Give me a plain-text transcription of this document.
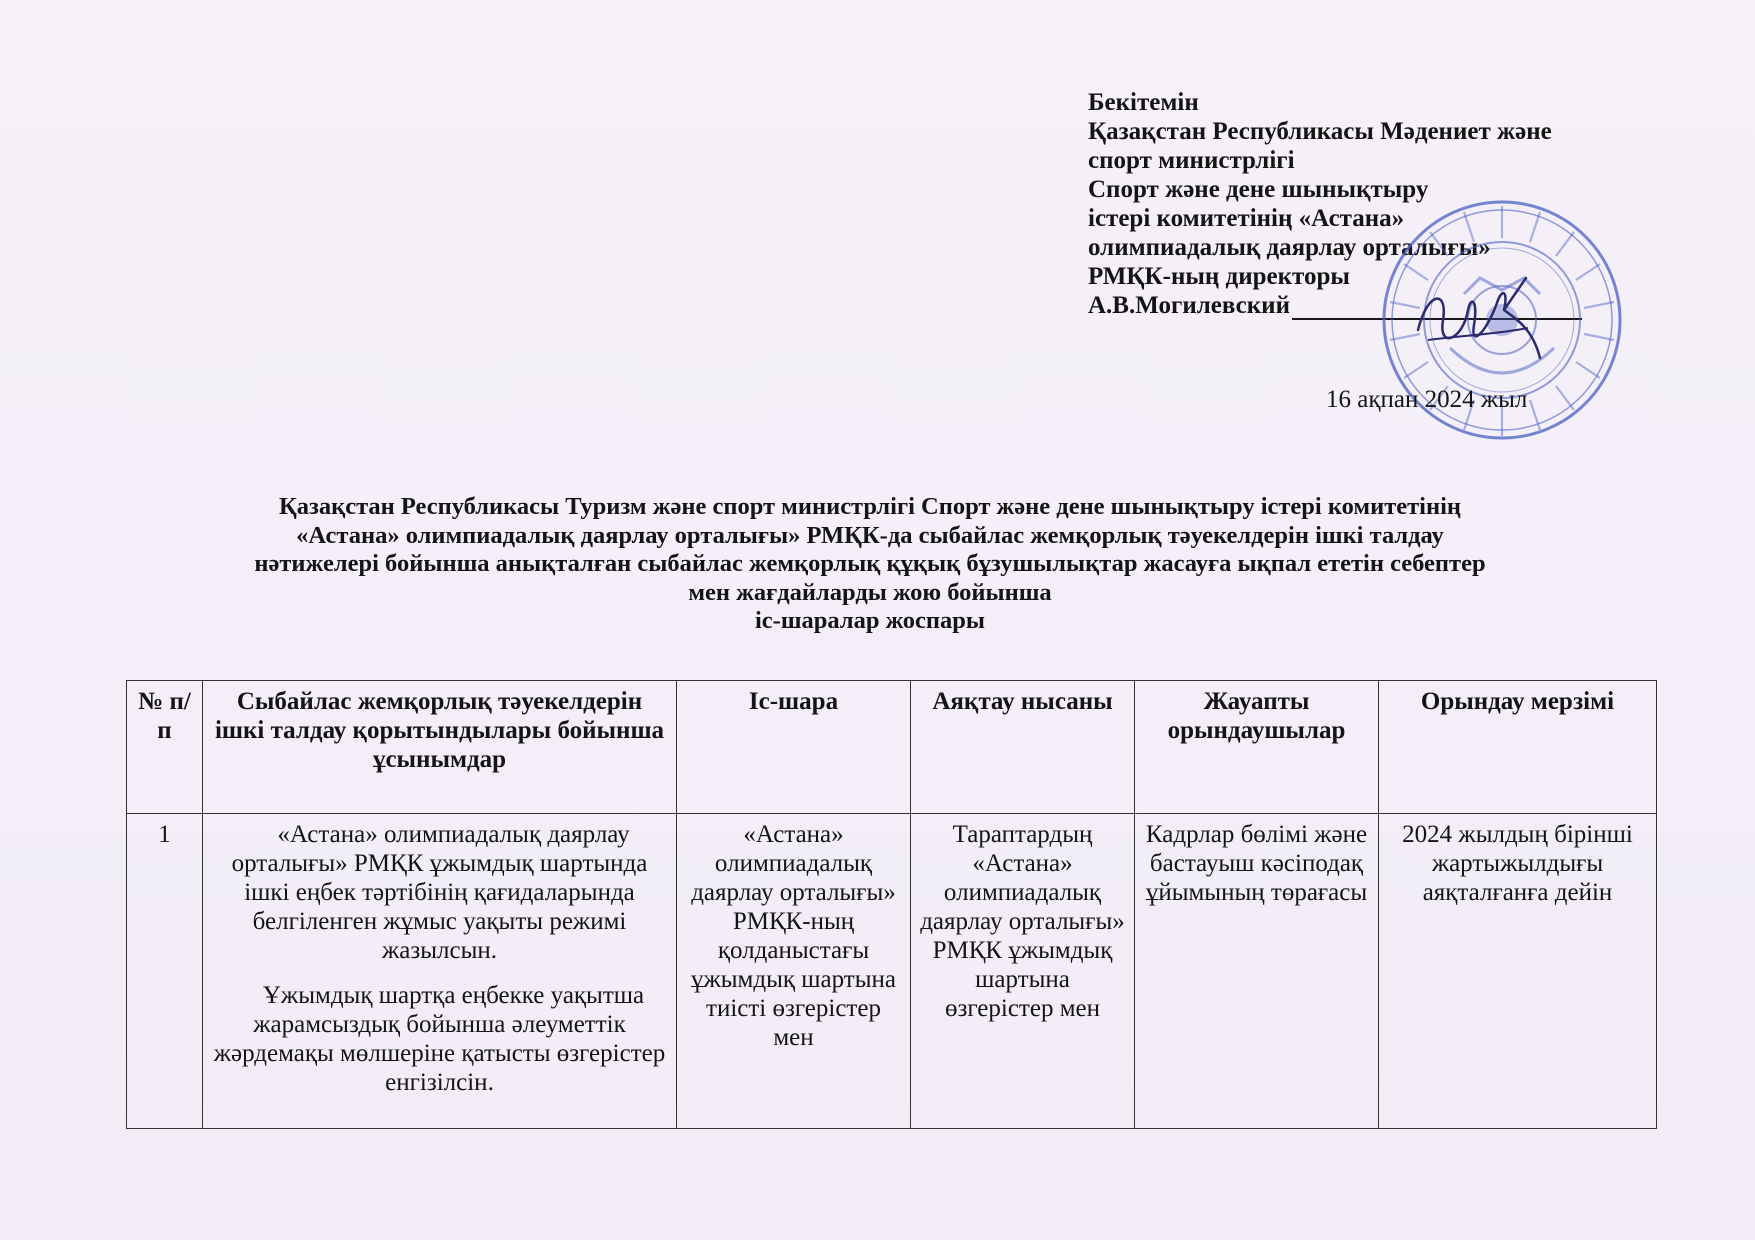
Бекітемін
Қазақстан Республикасы Мәдениет және
спорт министрлігі
Спорт және дене шынықтыру
істері комитетінің «Астана»
олимпиадалық даярлау орталығы»
РМҚК-ның директоры
А.В.Могилевский
16 ақпан 2024 жыл
Қазақстан Республикасы Туризм және спорт министрлігі Спорт және дене шынықтыру істері комитетінің
«Астана» олимпиадалық даярлау орталығы» РМҚК-да сыбайлас жемқорлық тәуекелдерін ішкі талдау
нәтижелері бойынша анықталған сыбайлас жемқорлық құқық бұзушылықтар жасауға ықпал ететін себептер
мен жағдайларды жою бойынша
іс-шаралар жоспары
№ п/п	Сыбайлас жемқорлық тәуекелдерін ішкі талдау қорытындылары бойынша ұсынымдар	Іс-шара	Аяқтау нысаны	Жауапты орындаушылар	Орындау мерзімі
1	«Астана» олимпиадалық даярлау орталығы» РМҚК ұжымдық шартында ішкі еңбек тәртібінің қағидаларында белгіленген жұмыс уақыты режимі жазылсын.

Ұжымдық шартқа еңбекке уақытша жарамсыздық бойынша әлеуметтік жәрдемақы мөлшеріне қатысты өзгерістер енгізілсін.	«Астана» олимпиадалық даярлау орталығы» РМҚК-ның қолданыстағы ұжымдық шартына тиісті өзгерістер мен	Тараптардың «Астана» олимпиадалық даярлау орталығы» РМҚК ұжымдық шартына өзгерістер мен	Кадрлар бөлімі және бастауыш кәсіподақ ұйымының төрағасы	2024 жылдың бірінші жартыжылдығы аяқталғанға дейін
